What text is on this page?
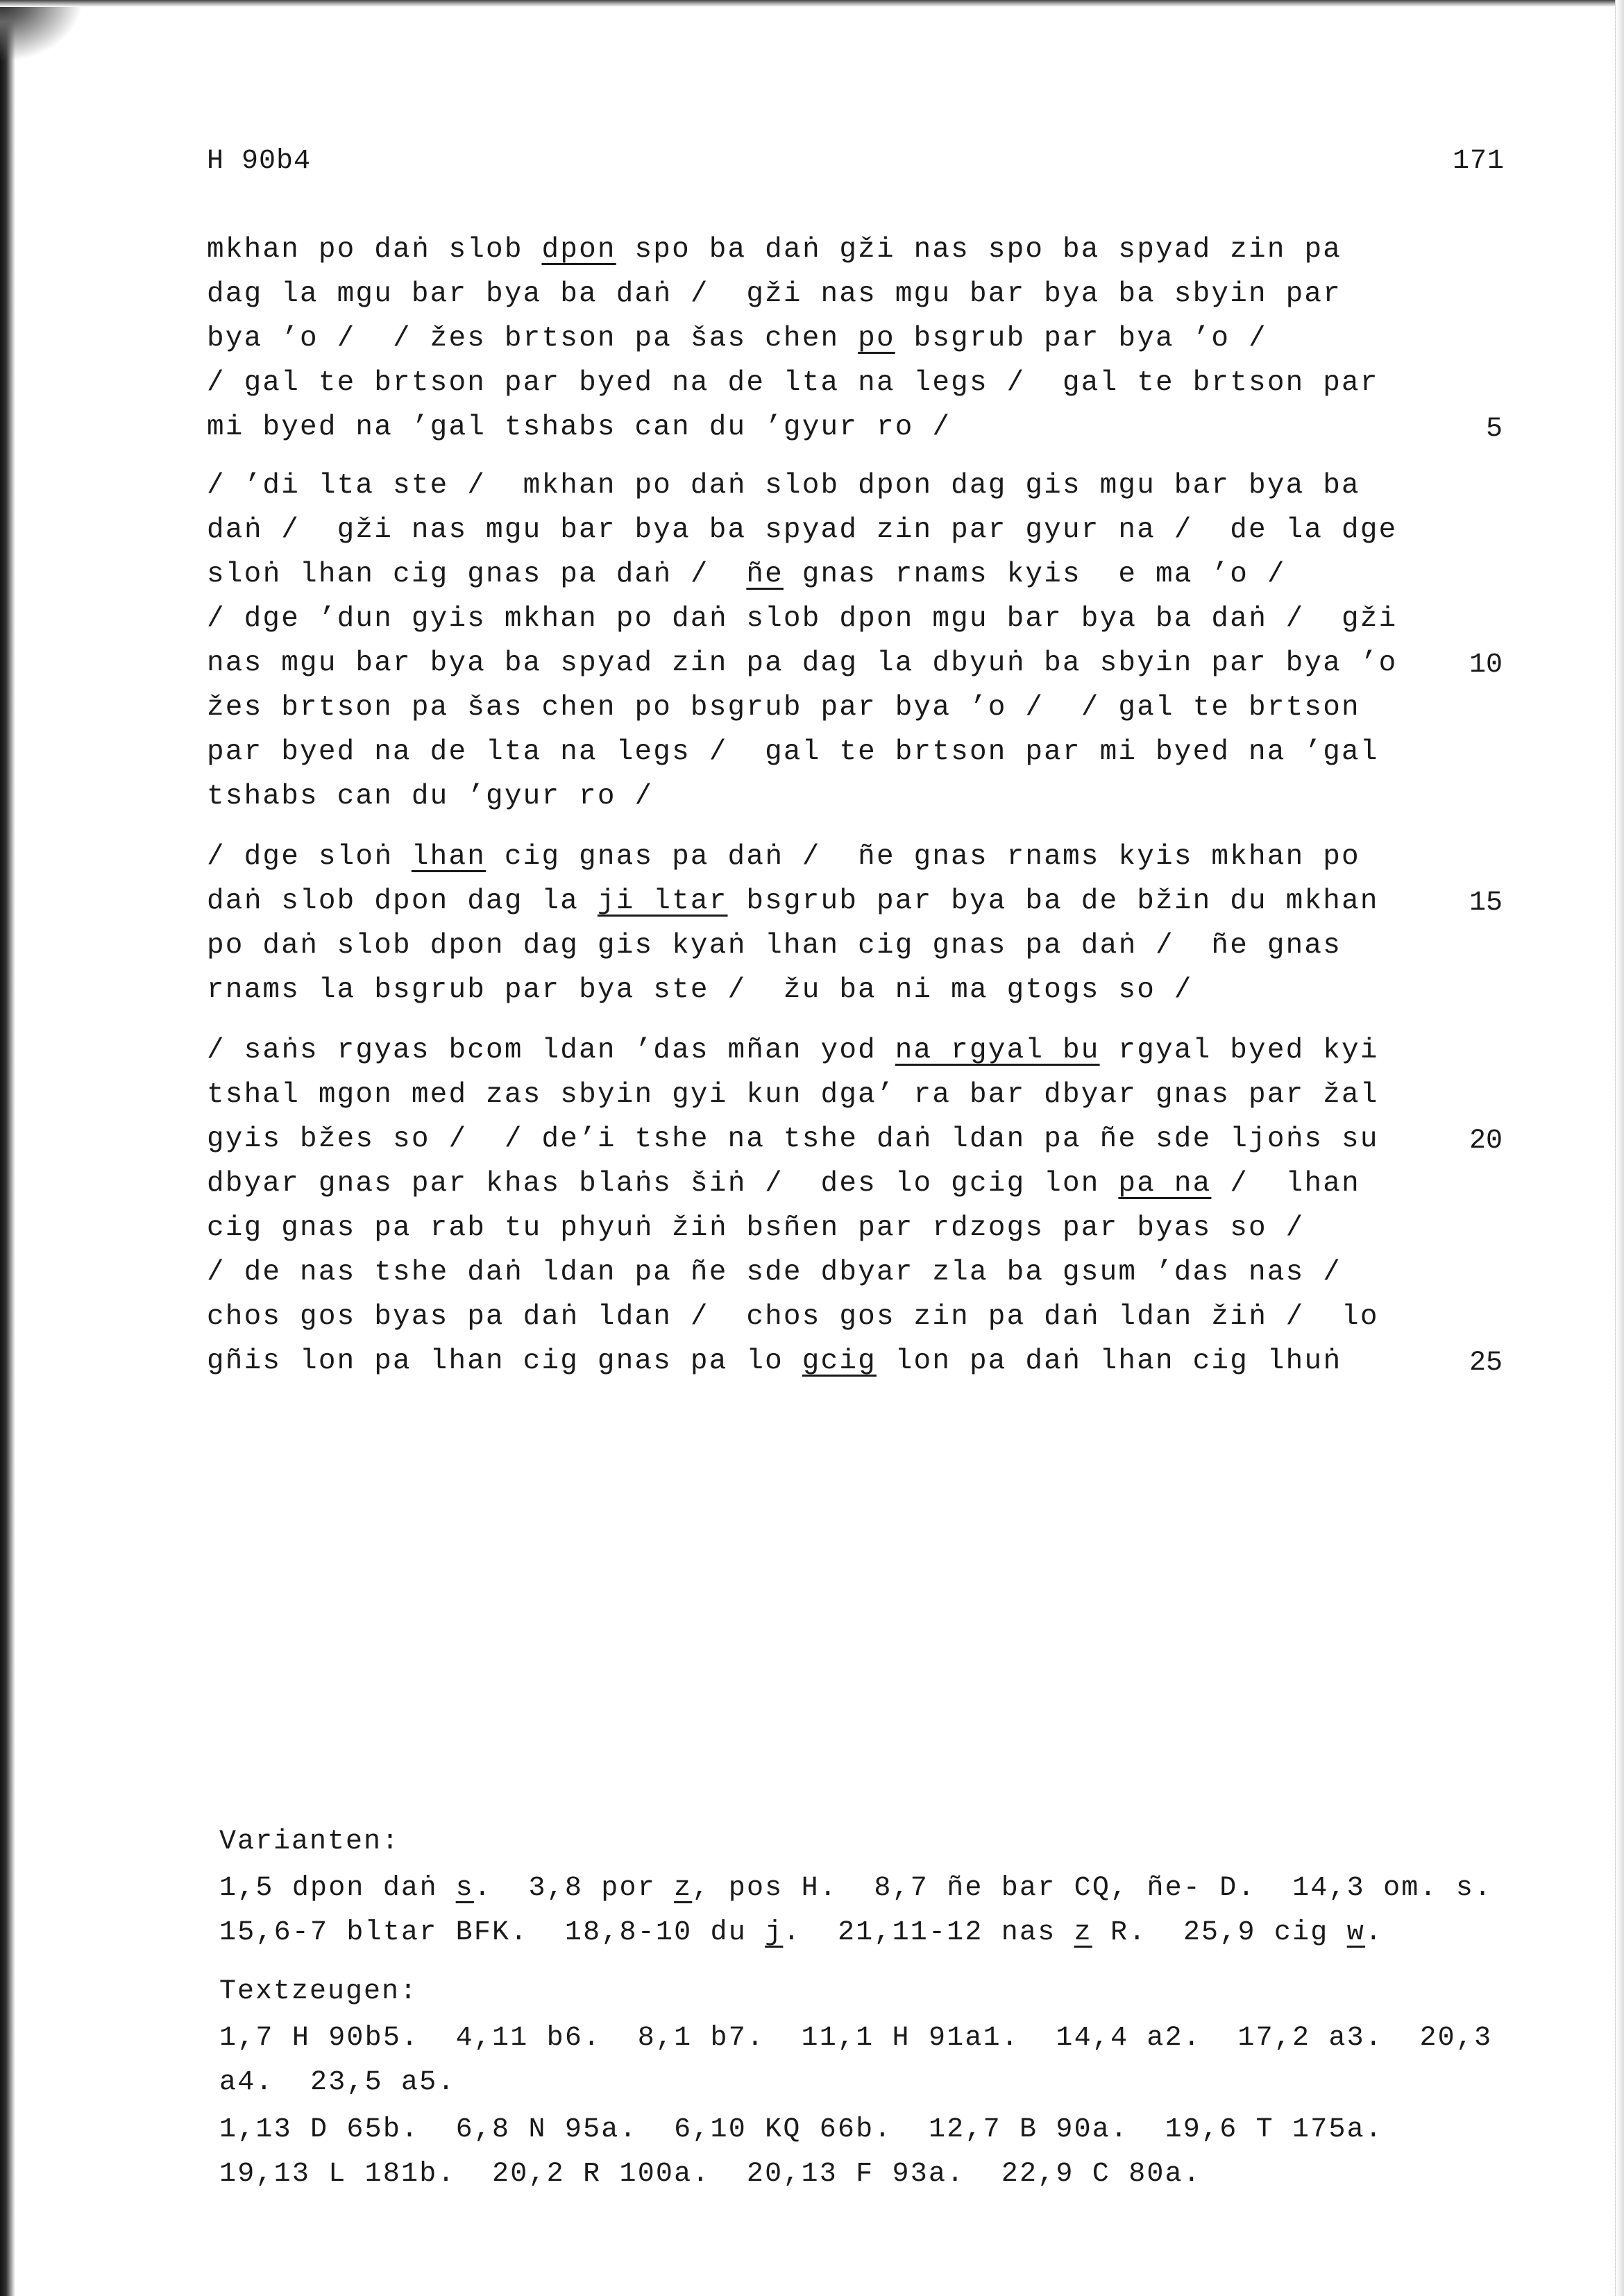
H 90b4	171
mkhan po daṅ slob dpon spo ba daṅ gži nas spo ba spyad zin pa
dag la mgu bar bya ba daṅ /  gži nas mgu bar bya ba sbyin par
bya ’o /  / žes brtson pa šas chen po bsgrub par bya ’o /
/ gal te brtson par byed na de lta na legs /  gal te brtson par
mi byed na ’gal tshabs can du ’gyur ro /
/ ’di lta ste /  mkhan po daṅ slob dpon dag gis mgu bar bya ba
daṅ /  gži nas mgu bar bya ba spyad zin par gyur na /  de la dge
sloṅ lhan cig gnas pa daṅ /  ñe gnas rnams kyis  e ma ’o /
/ dge ’dun gyis mkhan po daṅ slob dpon mgu bar bya ba daṅ /  gži
nas mgu bar bya ba spyad zin pa dag la dbyuṅ ba sbyin par bya ’o
žes brtson pa šas chen po bsgrub par bya ’o /  / gal te brtson
par byed na de lta na legs /  gal te brtson par mi byed na ’gal
tshabs can du ’gyur ro /
/ dge sloṅ lhan cig gnas pa daṅ /  ñe gnas rnams kyis mkhan po
daṅ slob dpon dag la ji ltar bsgrub par bya ba de bžin du mkhan
po daṅ slob dpon dag gis kyaṅ lhan cig gnas pa daṅ /  ñe gnas
rnams la bsgrub par bya ste /  žu ba ni ma gtogs so /
/ saṅs rgyas bcom ldan ’das mñan yod na rgyal bu rgyal byed kyi
tshal mgon med zas sbyin gyi kun dga’ ra bar dbyar gnas par žal
gyis bžes so /  / de’i tshe na tshe daṅ ldan pa ñe sde ljoṅs su
dbyar gnas par khas blaṅs šiṅ /  des lo gcig lon pa na /  lhan
cig gnas pa rab tu phyuṅ žiṅ bsñen par rdzogs par byas so /
/ de nas tshe daṅ ldan pa ñe sde dbyar zla ba gsum ’das nas /
chos gos byas pa daṅ ldan /  chos gos zin pa daṅ ldan žiṅ /  lo
gñis lon pa lhan cig gnas pa lo gcig lon pa daṅ lhan cig lhuṅ
5
10
15
20
25
Varianten:
1,5 dpon daṅ s.  3,8 por z, pos H.  8,7 ñe bar CQ, ñe- D.  14,3 om. s.
15,6-7 bltar BFK.  18,8-10 du j.  21,11-12 nas z R.  25,9 cig w.
Textzeugen:
1,7 H 90b5.  4,11 b6.  8,1 b7.  11,1 H 91a1.  14,4 a2.  17,2 a3.  20,3
a4.  23,5 a5.
1,13 D 65b.  6,8 N 95a.  6,10 KQ 66b.  12,7 B 90a.  19,6 T 175a.
19,13 L 181b.  20,2 R 100a.  20,13 F 93a.  22,9 C 80a.
